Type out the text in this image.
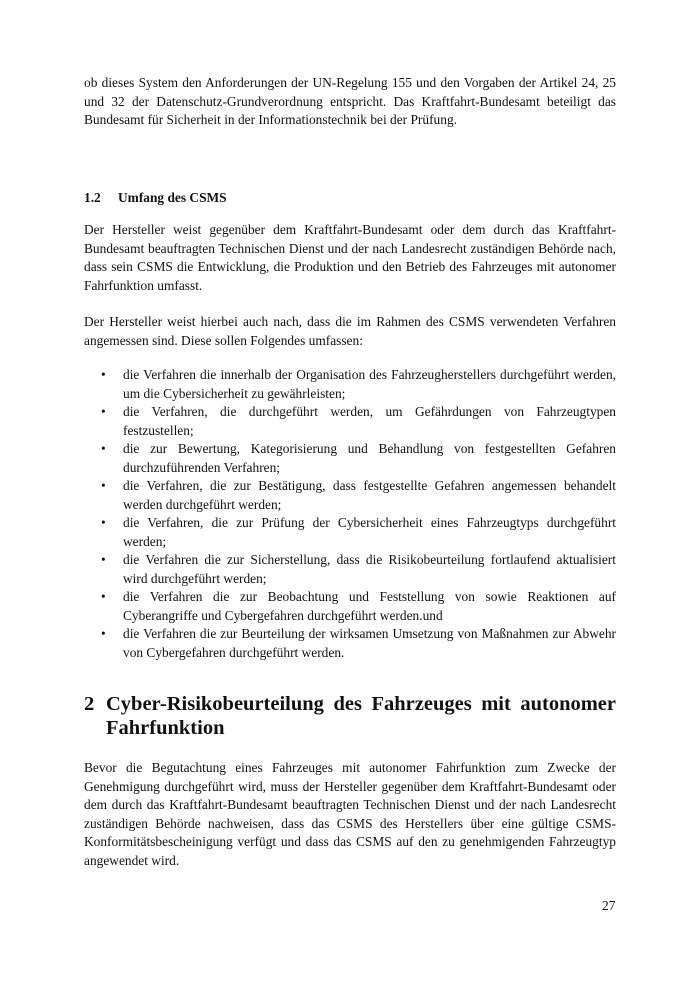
ob dieses System den Anforderungen der UN-Regelung 155 und den Vorgaben der Artikel 24, 25 und 32 der Datenschutz-Grundverordnung entspricht. Das Kraftfahrt-Bundesamt beteiligt das Bundesamt für Sicherheit in der Informationstechnik bei der Prüfung.

1.2 Umfang des CSMS

Der Hersteller weist gegenüber dem Kraftfahrt-Bundesamt oder dem durch das Kraftfahrt-Bundesamt beauftragten Technischen Dienst und der nach Landesrecht zuständigen Behörde nach, dass sein CSMS die Entwicklung, die Produktion und den Betrieb des Fahrzeuges mit autonomer Fahrfunktion umfasst.

Der Hersteller weist hierbei auch nach, dass die im Rahmen des CSMS verwendeten Verfahren angemessen sind. Diese sollen Folgendes umfassen:

• die Verfahren die innerhalb der Organisation des Fahrzeugherstellers durchgeführt werden, um die Cybersicherheit zu gewährleisten;
• die Verfahren, die durchgeführt werden, um Gefährdungen von Fahrzeugtypen festzustellen;
• die zur Bewertung, Kategorisierung und Behandlung von festgestellten Gefahren durchzuführenden Verfahren;
• die Verfahren, die zur Bestätigung, dass festgestellte Gefahren angemessen behandelt werden durchgeführt werden;
• die Verfahren, die zur Prüfung der Cybersicherheit eines Fahrzeugtyps durchgeführt werden;
• die Verfahren die zur Sicherstellung, dass die Risikobeurteilung fortlaufend aktualisiert wird durchgeführt werden;
• die Verfahren die zur Beobachtung und Feststellung von sowie Reaktionen auf Cyberangriffe und Cybergefahren durchgeführt werden.und
• die Verfahren die zur Beurteilung der wirksamen Umsetzung von Maßnahmen zur Abwehr von Cybergefahren durchgeführt werden.
2 Cyber-Risikobeurteilung des Fahrzeuges mit autonomer Fahrfunktion

Bevor die Begutachtung eines Fahrzeuges mit autonomer Fahrfunktion zum Zwecke der Genehmigung durchgeführt wird, muss der Hersteller gegenüber dem Kraftfahrt-Bundesamt oder dem durch das Kraftfahrt-Bundesamt beauftragten Technischen Dienst und der nach Landesrecht zuständigen Behörde nachweisen, dass das CSMS des Herstellers über eine gültige CSMS-Konformitätsbescheinigung verfügt und dass das CSMS auf den zu genehmigenden Fahrzeugtyp angewendet wird.

27
